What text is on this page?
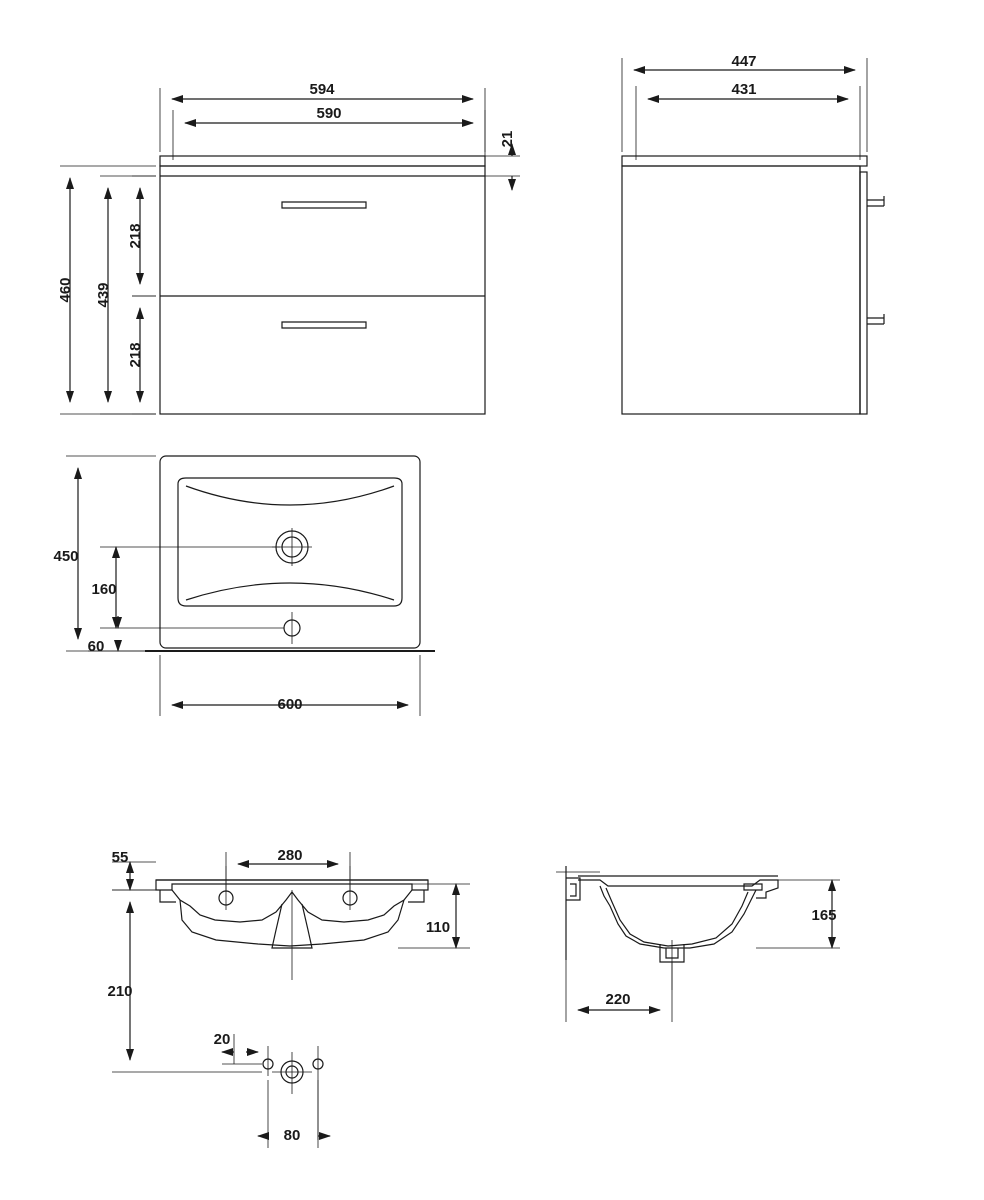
594
590
21
460 439
218
218
447
431
450
160
60
600
55	280
110
210
20
80
165
220
